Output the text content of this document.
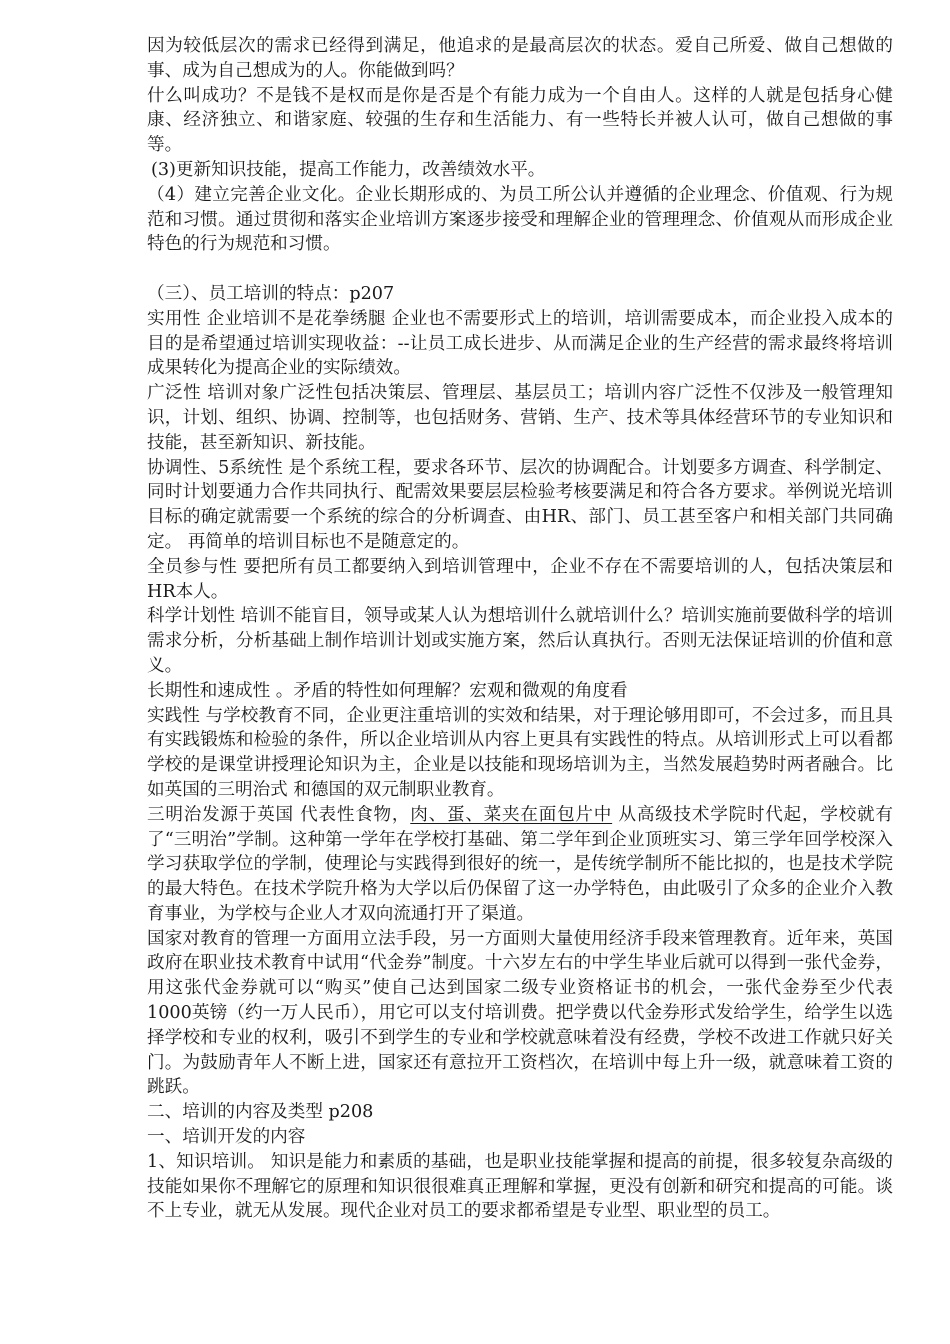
因为较低层次的需求已经得到满足，他追求的是最高层次的状态。爱自己所爱、做自己想做的事、成为自己想成为的人。你能做到吗？

什么叫成功？不是钱不是权而是你是否是个有能力成为一个自由人。这样的人就是包括身心健康、经济独立、和谐家庭、较强的生存和生活能力、有一些特长并被人认可，做自己想做的事等。

(3)更新知识技能，提高工作能力，改善绩效水平。

（4）建立完善企业文化。企业长期形成的、为员工所公认并遵循的企业理念、价值观、行为规范和习惯。通过贯彻和落实企业培训方案逐步接受和理解企业的管理理念、价值观从而形成企业特色的行为规范和习惯。

（三）、员工培训的特点：p207

实用性 企业培训不是花拳绣腿 企业也不需要形式上的培训，培训需要成本，而企业投入成本的目的是希望通过培训实现收益：--让员工成长进步、从而满足企业的生产经营的需求最终将培训成果转化为提高企业的实际绩效。

广泛性 培训对象广泛性包括决策层、管理层、基层员工；培训内容广泛性不仅涉及一般管理知识，计划、组织、协调、控制等，也包括财务、营销、生产、技术等具体经营环节的专业知识和技能，甚至新知识、新技能。

协调性、5系统性 是个系统工程，要求各环节、层次的协调配合。计划要多方调查、科学制定、同时计划要通力合作共同执行、配需效果要层层检验考核要满足和符合各方要求。举例说光培训目标的确定就需要一个系统的综合的分析调查、由HR、部门、员工甚至客户和相关部门共同确定。 再简单的培训目标也不是随意定的。

全员参与性 要把所有员工都要纳入到培训管理中，企业不存在不需要培训的人，包括决策层和HR本人。

科学计划性 培训不能盲目，领导或某人认为想培训什么就培训什么？培训实施前要做科学的培训需求分析，分析基础上制作培训计划或实施方案，然后认真执行。否则无法保证培训的价值和意义。

长期性和速成性 。矛盾的特性如何理解？宏观和微观的角度看

实践性 与学校教育不同，企业更注重培训的实效和结果，对于理论够用即可，不会过多，而且具有实践锻炼和检验的条件，所以企业培训从内容上更具有实践性的特点。从培训形式上可以看都学校的是课堂讲授理论知识为主，企业是以技能和现场培训为主，当然发展趋势时两者融合。比如英国的三明治式 和德国的双元制职业教育。

三明治发源于英国 代表性食物，肉、蛋、菜夹在面包片中 从高级技术学院时代起，学校就有了“三明治”学制。这种第一学年在学校打基础、第二学年到企业顶班实习、第三学年回学校深入学习获取学位的学制，使理论与实践得到很好的统一，是传统学制所不能比拟的，也是技术学院的最大特色。在技术学院升格为大学以后仍保留了这一办学特色，由此吸引了众多的企业介入教育事业，为学校与企业人才双向流通打开了渠道。

国家对教育的管理一方面用立法手段，另一方面则大量使用经济手段来管理教育。近年来，英国政府在职业技术教育中试用“代金券”制度。十六岁左右的中学生毕业后就可以得到一张代金券，用这张代金券就可以“购买”使自己达到国家二级专业资格证书的机会，一张代金券至少代表1000英镑（约一万人民币），用它可以支付培训费。把学费以代金券形式发给学生，给学生以选择学校和专业的权利，吸引不到学生的专业和学校就意味着没有经费，学校不改进工作就只好关门。为鼓励青年人不断上进，国家还有意拉开工资档次，在培训中每上升一级，就意味着工资的跳跃。

二、培训的内容及类型 p208

一、培训开发的内容

1、知识培训。 知识是能力和素质的基础，也是职业技能掌握和提高的前提，很多较复杂高级的技能如果你不理解它的原理和知识很很难真正理解和掌握，更没有创新和研究和提高的可能。谈不上专业，就无从发展。现代企业对员工的要求都希望是专业型、职业型的员工。
